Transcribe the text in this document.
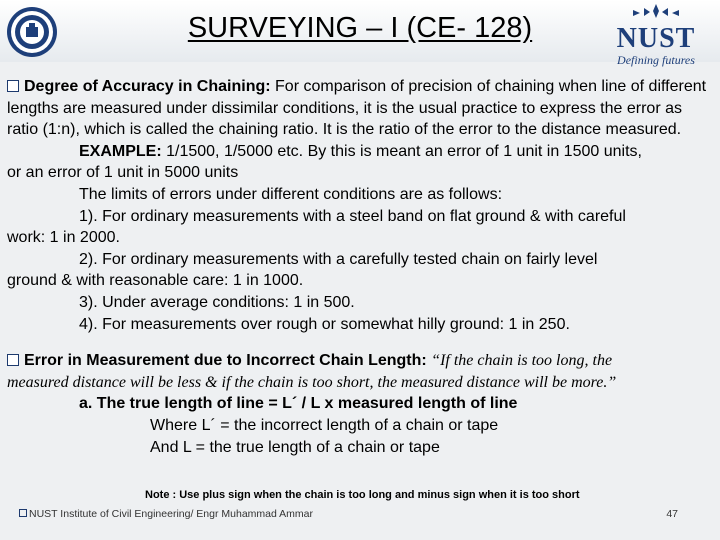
SURVEYING – I (CE- 128)	NUST
Defining futures

Degree of Accuracy in Chaining: For comparison of precision of chaining when line of different lengths are measured under dissimilar conditions, it is the usual practice to express the error as ratio (1:n), which is called the chaining ratio. It is the ratio of the error to the distance measured.

EXAMPLE: 1/1500, 1/5000 etc. By this is meant an error of 1 unit in 1500 units,

or an error of 1 unit in 5000 units

The limits of errors under different conditions are as follows:

1). For ordinary measurements with a steel band on flat ground & with careful

work: 1 in 2000.

2). For ordinary measurements with a carefully tested chain on fairly level

ground & with reasonable care: 1 in 1000.

3). Under average conditions: 1 in 500.

4). For measurements over rough or somewhat hilly ground: 1 in 250.

Error in Measurement due to Incorrect Chain Length: “If the chain is too long, the

measured distance will be less & if the chain is too short, the measured distance will be more.”

a. The true length of line = L´ / L x measured length of line

Where L´ = the incorrect length of a chain or tape

And L = the true length of a chain or tape

Note : Use plus sign when the chain is too long and minus sign when it is too short
NUST Institute of Civil Engineering/ Engr Muhammad Ammar	47
